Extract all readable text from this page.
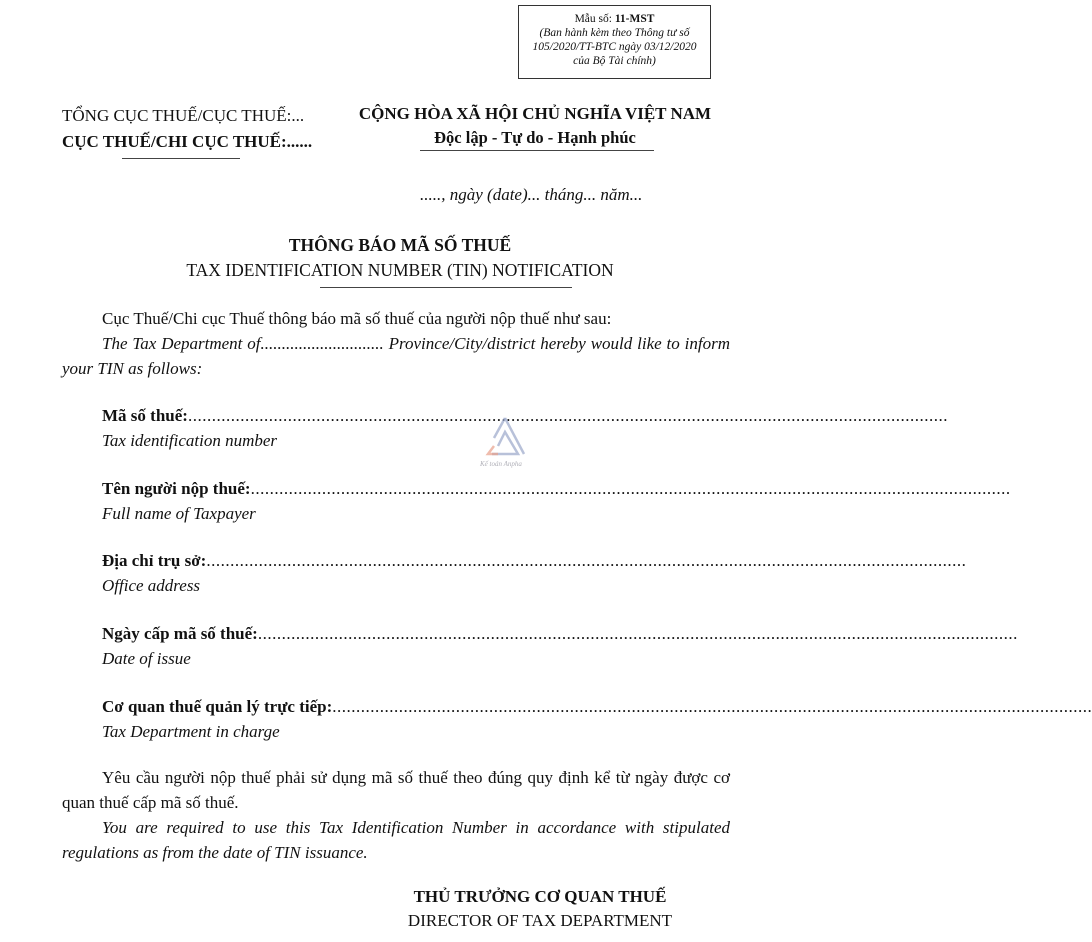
Mẫu số: 11-MST
(Ban hành kèm theo Thông tư số
105/2020/TT-BTC ngày 03/12/2020
của Bộ Tài chính)
TỔNG CỤC THUẾ/CỤC THUẾ:...
CỤC THUẾ/CHI CỤC THUẾ:......
CỘNG HÒA XÃ HỘI CHỦ NGHĨA VIỆT NAM
Độc lập - Tự do - Hạnh phúc
....., ngày (date)... tháng... năm...
THÔNG BÁO MÃ SỐ THUẾ
TAX IDENTIFICATION NUMBER (TIN) NOTIFICATION
Cục Thuế/Chi cục Thuế thông báo mã số thuế của người nộp thuế như sau:
The Tax Department of............................. Province/City/district hereby would like to inform your TIN as follows:
Mã số thuế: ................................................................................................................................................................
Tax identification number
Tên người nộp thuế: ................................................................................................................................................................
Full name of Taxpayer
Địa chỉ trụ sở: ................................................................................................................................................................
Office address
Ngày cấp mã số thuế: ................................................................................................................................................................
Date of issue
Cơ quan thuế quản lý trực tiếp: ................................................................................................................................................................
Tax Department in charge
Yêu cầu người nộp thuế phải sử dụng mã số thuế theo đúng quy định kể từ ngày được cơ quan thuế cấp mã số thuế.
You are required to use this Tax Identification Number in accordance with stipulated regulations as from the date of TIN issuance.
THỦ TRƯỞNG CƠ QUAN THUẾ
DIRECTOR OF TAX DEPARTMENT
Kế toán Anpha
